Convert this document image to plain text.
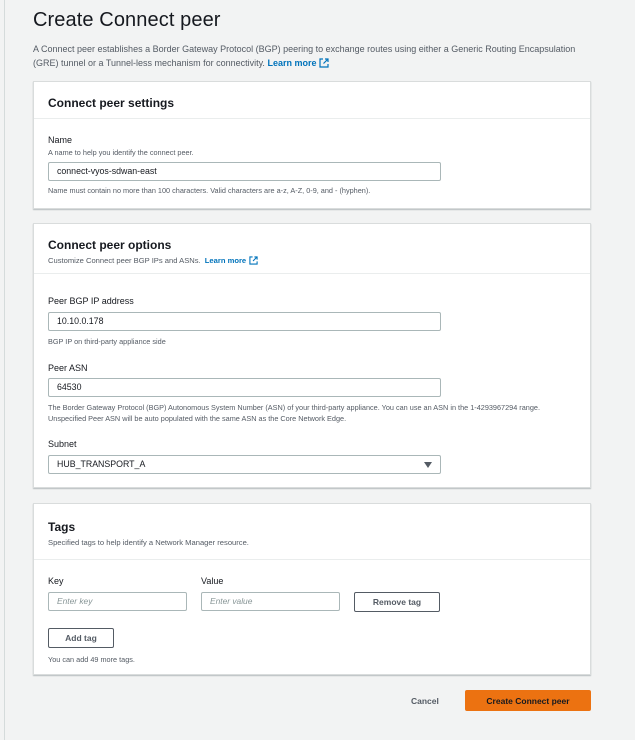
Create Connect peer
A Connect peer establishes a Border Gateway Protocol (BGP) peering to exchange routes using either a Generic Routing Encapsulation (GRE) tunnel or a Tunnel-less mechanism for connectivity. Learn more
Connect peer settings
Name
A name to help you identify the connect peer.
connect-vyos-sdwan-east
Name must contain no more than 100 characters. Valid characters are a-z, A-Z, 0-9, and - (hyphen).
Connect peer options
Customize Connect peer BGP IPs and ASNs. Learn more
Peer BGP IP address
10.10.0.178
BGP IP on third-party appliance side
Peer ASN
64530
The Border Gateway Protocol (BGP) Autonomous System Number (ASN) of your third-party appliance. You can use an ASN in the 1-4293967294 range. Unspecified Peer ASN will be auto populated with the same ASN as the Core Network Edge.
Subnet
HUB_TRANSPORT_A
Tags
Specified tags to help identify a Network Manager resource.
Key	Value
Enter key	Enter value	Remove tag
Add tag
You can add 49 more tags.
Cancel	Create Connect peer
